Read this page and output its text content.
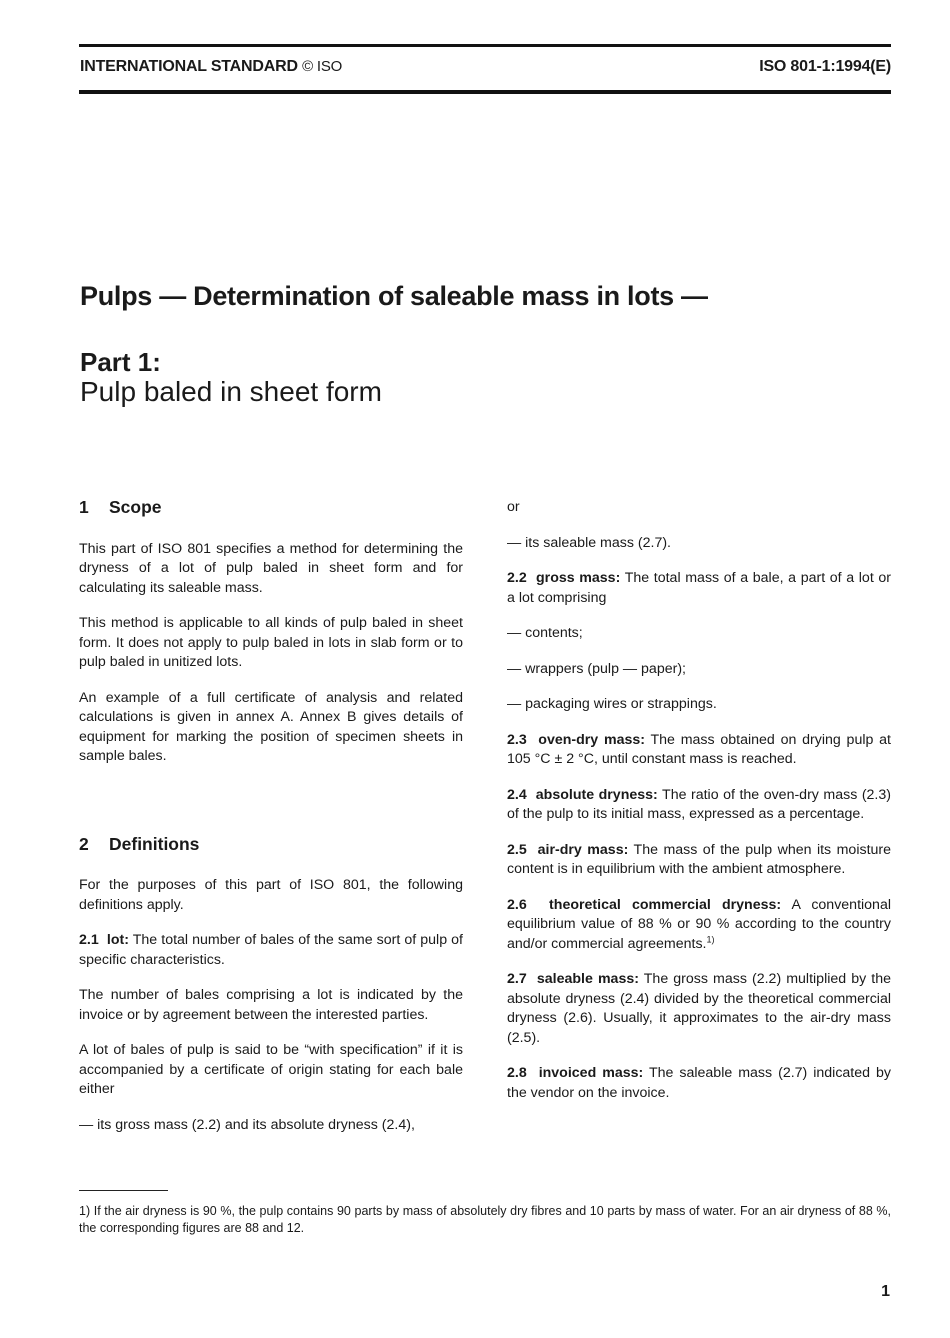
INTERNATIONAL STANDARD © ISO	ISO 801-1:1994(E)
Pulps — Determination of saleable mass in lots —
Part 1:
Pulp baled in sheet form
1 Scope

This part of ISO 801 specifies a method for determining the dryness of a lot of pulp baled in sheet form and for calculating its saleable mass.

This method is applicable to all kinds of pulp baled in sheet form. It does not apply to pulp baled in lots in slab form or to pulp baled in unitized lots.

An example of a full certificate of analysis and related calculations is given in annex A. Annex B gives details of equipment for marking the position of specimen sheets in sample bales.

2 Definitions

For the purposes of this part of ISO 801, the following definitions apply.

2.1 lot: The total number of bales of the same sort of pulp of specific characteristics.

The number of bales comprising a lot is indicated by the invoice or by agreement between the interested parties.

A lot of bales of pulp is said to be “with specification” if it is accompanied by a certificate of origin stating for each bale either

— its gross mass (2.2) and its absolute dryness (2.4),

or

— its saleable mass (2.7).

2.2 gross mass: The total mass of a bale, a part of a lot or a lot comprising

— contents;

— wrappers (pulp — paper);

— packaging wires or strappings.

2.3 oven-dry mass: The mass obtained on drying pulp at 105 °C ± 2 °C, until constant mass is reached.

2.4 absolute dryness: The ratio of the oven-dry mass (2.3) of the pulp to its initial mass, expressed as a percentage.

2.5 air-dry mass: The mass of the pulp when its moisture content is in equilibrium with the ambient atmosphere.

2.6 theoretical commercial dryness: A conventional equilibrium value of 88 % or 90 % according to the country and/or commercial agreements.$^{1)}$

2.7 saleable mass: The gross mass (2.2) multiplied by the absolute dryness (2.4) divided by the theoretical commercial dryness (2.6). Usually, it approximates to the air-dry mass (2.5).

2.8 invoiced mass: The saleable mass (2.7) indicated by the vendor on the invoice.

1) If the air dryness is 90 %, the pulp contains 90 parts by mass of absolutely dry fibres and 10 parts by mass of water. For an air dryness of 88 %, the corresponding figures are 88 and 12.
1
